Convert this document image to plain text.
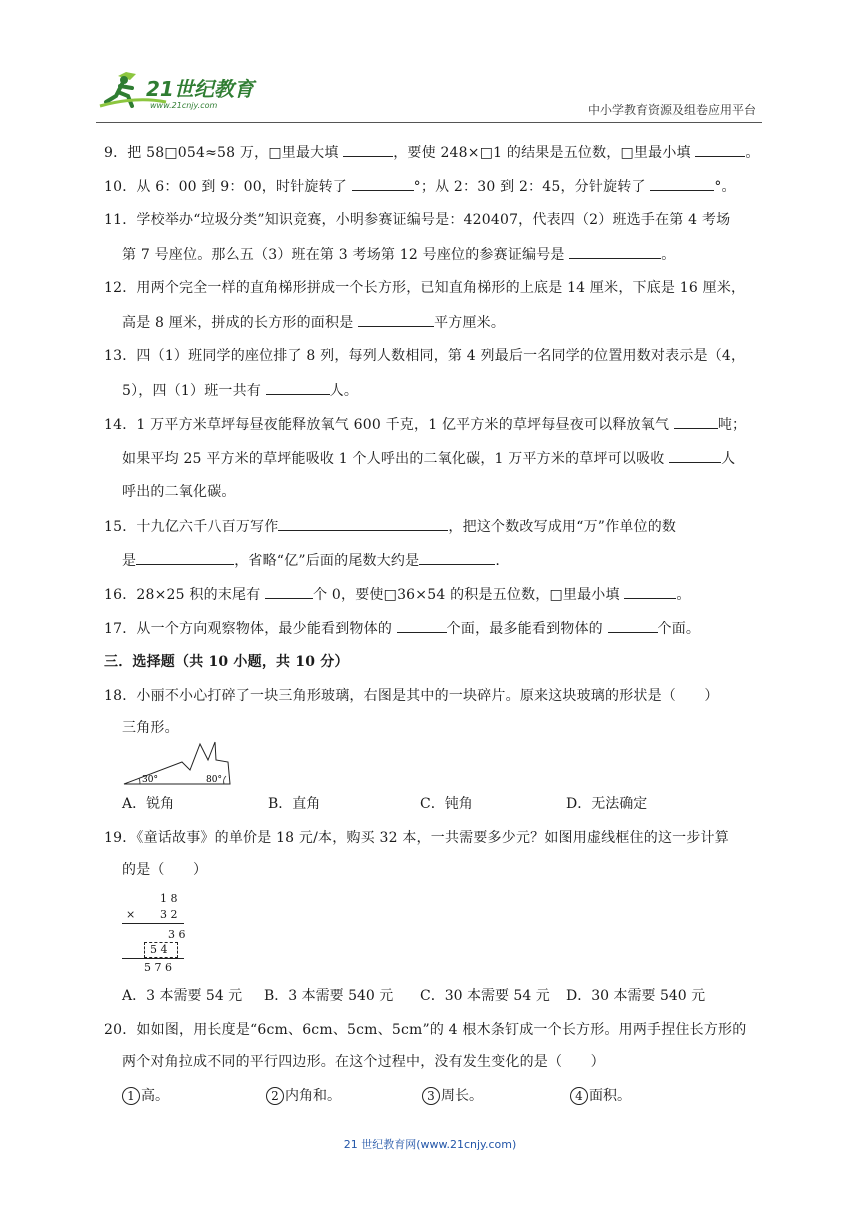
21世纪教育
www.21cnjy.com	中小学教育资源及组卷应用平台
9．把 58□054≈58 万，□里最大填	，要使 248×□1 的结果是五位数，□里最小填	。
10．从 6：00 到 9：00，时针旋转了	°；从 2：30 到 2：45，分针旋转了	°。
11．学校举办“垃圾分类”知识竞赛，小明参赛证编号是：420407，代表四（2）班选手在第 4 考场
第 7 号座位。那么五（3）班在第 3 考场第 12 号座位的参赛证编号是	。
12．用两个完全一样的直角梯形拼成一个长方形，已知直角梯形的上底是 14 厘米，下底是 16 厘米，
高是 8 厘米，拼成的长方形的面积是	平方厘米。
13．四（1）班同学的座位排了 8 列，每列人数相同，第 4 列最后一名同学的位置用数对表示是（4，
5），四（1）班一共有	人。
14．1 万平方米草坪每昼夜能释放氧气 600 千克，1 亿平方米的草坪每昼夜可以释放氧气	吨；
如果平均 25 平方米的草坪能吸收 1 个人呼出的二氧化碳，1 万平方米的草坪可以吸收	人
呼出的二氧化碳。
15．十九亿六千八百万写作	，把这个数改写成用“万”作单位的数
是	，省略“亿”后面的尾数大约是	.
16．28×25 积的末尾有	个 0，要使□36×54 的积是五位数，□里最小填	。
17．从一个方向观察物体，最少能看到物体的	个面，最多能看到物体的	个面。
三．选择题（共 10 小题，共 10 分）
18．小丽不小心打碎了一块三角形玻璃，右图是其中的一块碎片。原来这块玻璃的形状是（　　）
三角形。
30°	80°
A．锐角	B．直角	C．钝角	D．无法确定
19．《童话故事》的单价是 18 元/本，购买 32 本，一共需要多少元？如图用虚线框住的这一步计算
的是（　　）
1 8
× 3 2
3 6
5 4
5 7 6
A．3 本需要 54 元 B．3 本需要 540 元 C．30 本需要 54 元 D．30 本需要 540 元
20．如如图，用长度是“6cm、6cm、5cm、5cm”的 4 根木条钉成一个长方形。用两手捏住长方形的
两个对角拉成不同的平行四边形。在这个过程中，没有发生变化的是（　　）
1 高。	2 内角和。	3 周长。	4 面积。
21 世纪教育网(www.21cnjy.com)
